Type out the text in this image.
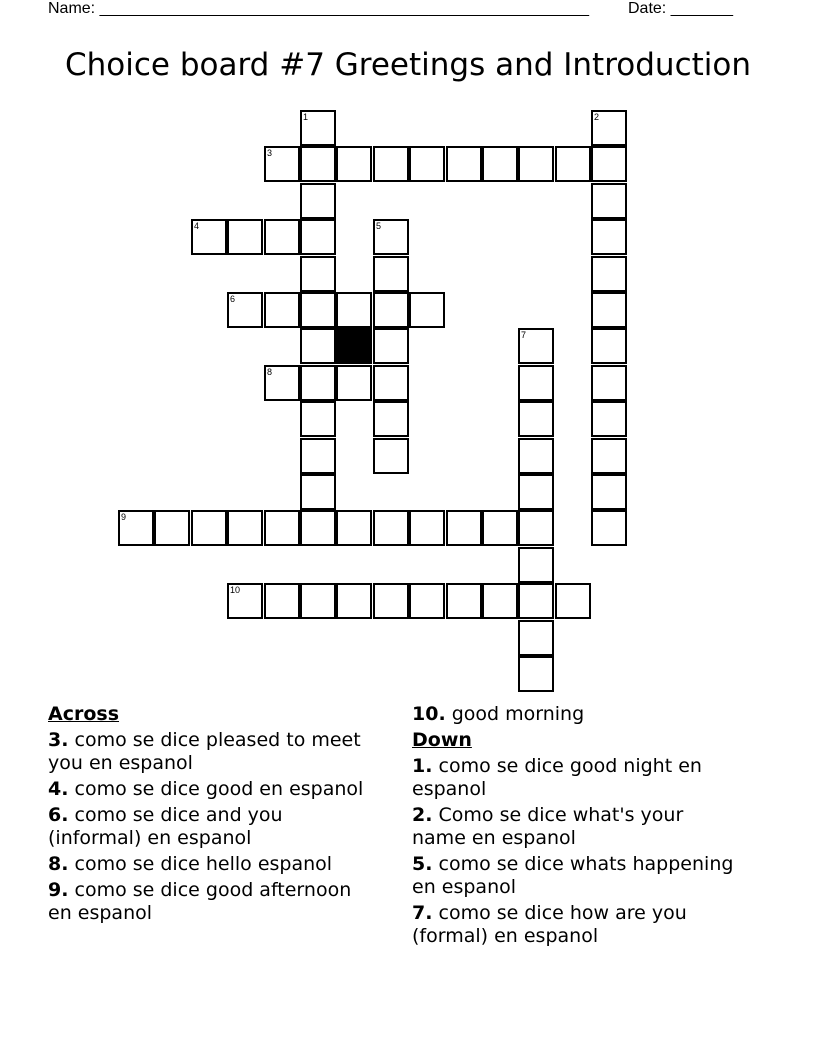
Name: _______________________________________________________ Date: _______
Choice board #7 Greetings and Introduction
1	2
3
4	5
6
7
8
9
10
Across
3. como se dice pleased to meet you en espanol
4. como se dice good en espanol
6. como se dice and you (informal) en espanol
8. como se dice hello espanol
9. como se dice good afternoon en espanol
10. good morning
Down
1. como se dice good night en espanol
2. Como se dice what's your name en espanol
5. como se dice whats happening en espanol
7. como se dice how are you (formal) en espanol
